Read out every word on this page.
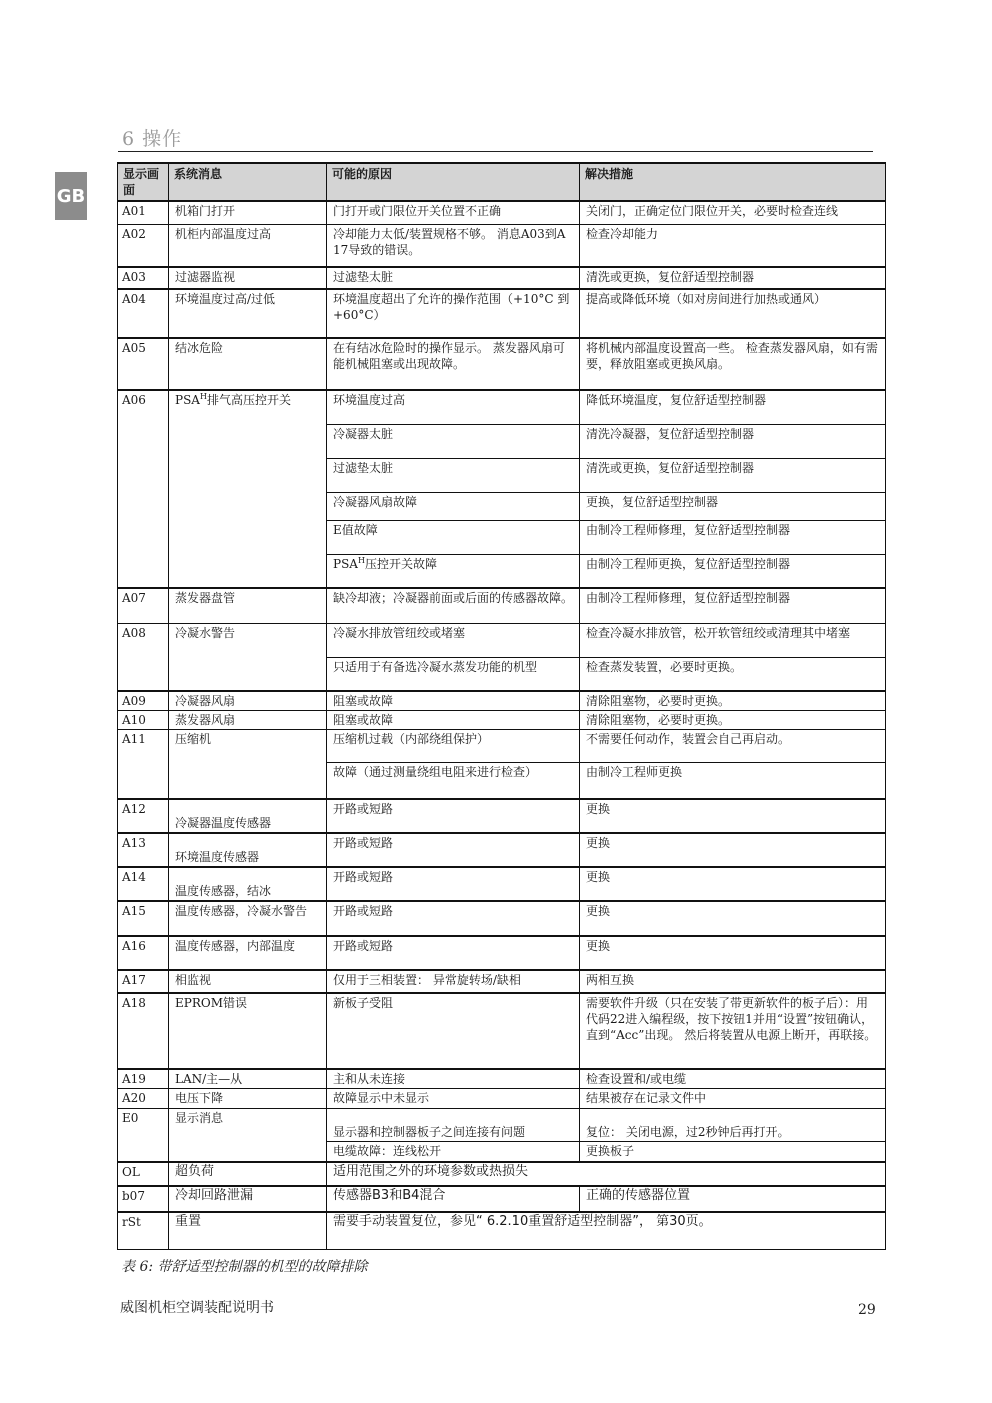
6 操作
GB
显示画面	系统消息	可能的原因	解决措施
A01	机箱门打开	门打开或门限位开关位置不正确	关闭门，正确定位门限位开关，必要时检查连线
A02	机柜内部温度过高	冷却能力太低/装置规格不够。 消息A03到A17导致的错误。	检查冷却能力
A03	过滤器监视	过滤垫太脏	清洗或更换，复位舒适型控制器
A04	环境温度过高/过低	环境温度超出了允许的操作范围（+10°C 到 +60°C）	提高或降低环境（如对房间进行加热或通风）
A05	结冰危险	在有结冰危险时的操作显示。 蒸发器风扇可能机械阻塞或出现故障。	将机械内部温度设置高一些。 检查蒸发器风扇，如有需要，释放阻塞或更换风扇。
A06	$PSA^H$排气高压控开关	环境温度过高	降低环境温度，复位舒适型控制器
		冷凝器太脏	清洗冷凝器，复位舒适型控制器
		过滤垫太脏	清洗或更换，复位舒适型控制器
		冷凝器风扇故障	更换，复位舒适型控制器
		E值故障	由制冷工程师修理，复位舒适型控制器
		$PSA^H$压控开关故障	由制冷工程师更换，复位舒适型控制器
A07	蒸发器盘管	缺冷却液；冷凝器前面或后面的传感器故障。	由制冷工程师修理，复位舒适型控制器
A08	冷凝水警告	冷凝水排放管纽绞或堵塞	检查冷凝水排放管，松开软管纽绞或清理其中堵塞
		只适用于有备选冷凝水蒸发功能的机型	检查蒸发装置，必要时更换。
A09	冷凝器风扇	阻塞或故障	清除阻塞物，必要时更换。
A10	蒸发器风扇	阻塞或故障	清除阻塞物，必要时更换。
A11	压缩机	压缩机过载（内部绕组保护）	不需要任何动作，装置会自己再启动。
		故障（通过测量绕组电阻来进行检查）	由制冷工程师更换
A12	冷凝器温度传感器	开路或短路	更换
A13	环境温度传感器	开路或短路	更换
A14	温度传感器，结冰	开路或短路	更换
A15	温度传感器，冷凝水警告	开路或短路	更换
A16	温度传感器，内部温度	开路或短路	更换
A17	相监视	仅用于三相装置： 异常旋转场/缺相	两相互换
A18	EPROM错误	新板子受阻	需要软件升级（只在安装了带更新软件的板子后）：用代码22进入编程级，按下按钮1并用“设置”按钮确认，直到“Acc”出现。 然后将装置从电源上断开，再联接。
A19	LAN/主—从	主和从未连接	检查设置和/或电缆
A20	电压下降	故障显示中未显示	结果被存在记录文件中
E0	显示消息	显示器和控制器板子之间连接有问题	复位： 关闭电源，过2秒钟后再打开。
		电缆故障：连线松开	更换板子
OL	超负荷	适用范围之外的环境参数或热损失	
b07	冷却回路泄漏	传感器B3和B4混合	正确的传感器位置
rSt	重置	需要手动装置复位，参见“ 6.2.10重置舒适型控制器”， 第30页。	
表 6: 带舒适型控制器的机型的故障排除
威图机柜空调装配说明书	29
